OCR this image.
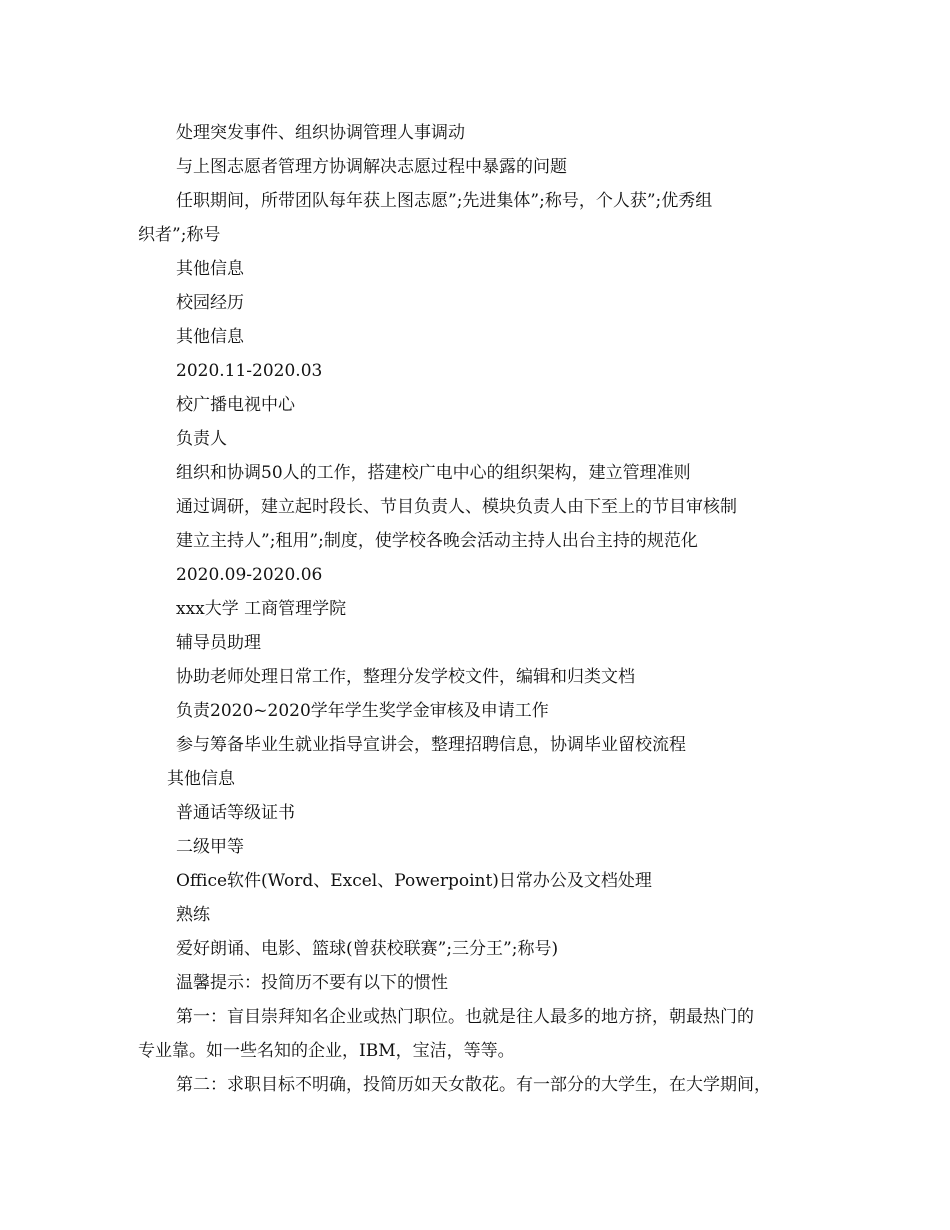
处理突发事件、组织协调管理人事调动
与上图志愿者管理方协调解决志愿过程中暴露的问题
任职期间，所带团队每年获上图志愿”;先进集体”;称号，个人获”;优秀组
织者”;称号
其他信息
校园经历
其他信息
2020.11-2020.03
校广播电视中心
负责人
组织和协调50人的工作，搭建校广电中心的组织架构，建立管理准则
通过调研，建立起时段长、节目负责人、模块负责人由下至上的节目审核制
建立主持人”;租用”;制度，使学校各晚会活动主持人出台主持的规范化
2020.09-2020.06
xxx大学 工商管理学院
辅导员助理
协助老师处理日常工作，整理分发学校文件，编辑和归类文档
负责2020~2020学年学生奖学金审核及申请工作
参与筹备毕业生就业指导宣讲会，整理招聘信息，协调毕业留校流程
其他信息
普通话等级证书
二级甲等
Office软件(Word、Excel、Powerpoint)日常办公及文档处理
熟练
爱好朗诵、电影、篮球(曾获校联赛”;三分王”;称号)
温馨提示：投简历不要有以下的惯性
第一：盲目崇拜知名企业或热门职位。也就是往人最多的地方挤，朝最热门的
专业靠。如一些名知的企业，IBM，宝洁，等等。
第二：求职目标不明确，投简历如天女散花。有一部分的大学生，在大学期间，
